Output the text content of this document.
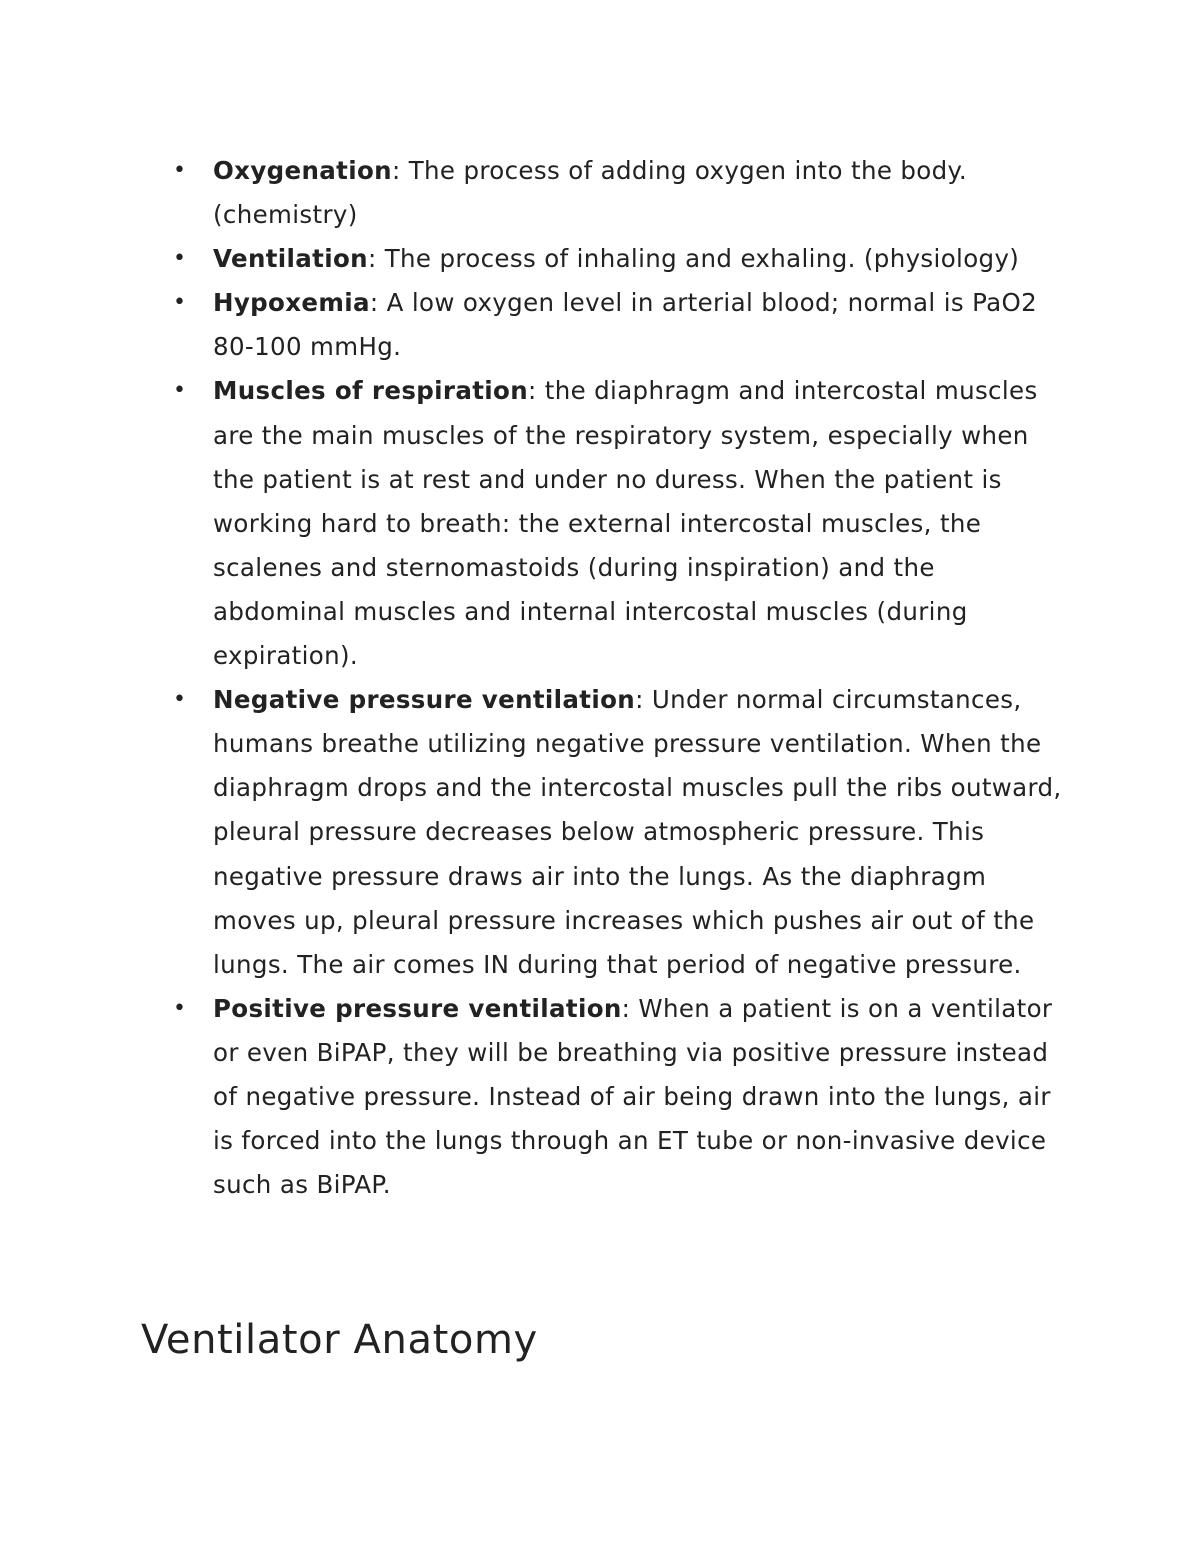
• Oxygenation: The process of adding oxygen into the body. (chemistry)
• Ventilation: The process of inhaling and exhaling. (physiology)
• Hypoxemia: A low oxygen level in arterial blood; normal is PaO2 80-100 mmHg.
• Muscles of respiration: the diaphragm and intercostal muscles are the main muscles of the respiratory system, especially when the patient is at rest and under no duress. When the patient is working hard to breath: the external intercostal muscles, the scalenes and sternomastoids (during inspiration) and the abdominal muscles and internal intercostal muscles (during expiration).
• Negative pressure ventilation: Under normal circumstances, humans breathe utilizing negative pressure ventilation. When the diaphragm drops and the intercostal muscles pull the ribs outward, pleural pressure decreases below atmospheric pressure. This negative pressure draws air into the lungs. As the diaphragm moves up, pleural pressure increases which pushes air out of the lungs. The air comes IN during that period of negative pressure.
• Positive pressure ventilation: When a patient is on a ventilator or even BiPAP, they will be breathing via positive pressure instead of negative pressure. Instead of air being drawn into the lungs, air is forced into the lungs through an ET tube or non-invasive device such as BiPAP.
Ventilator Anatomy
